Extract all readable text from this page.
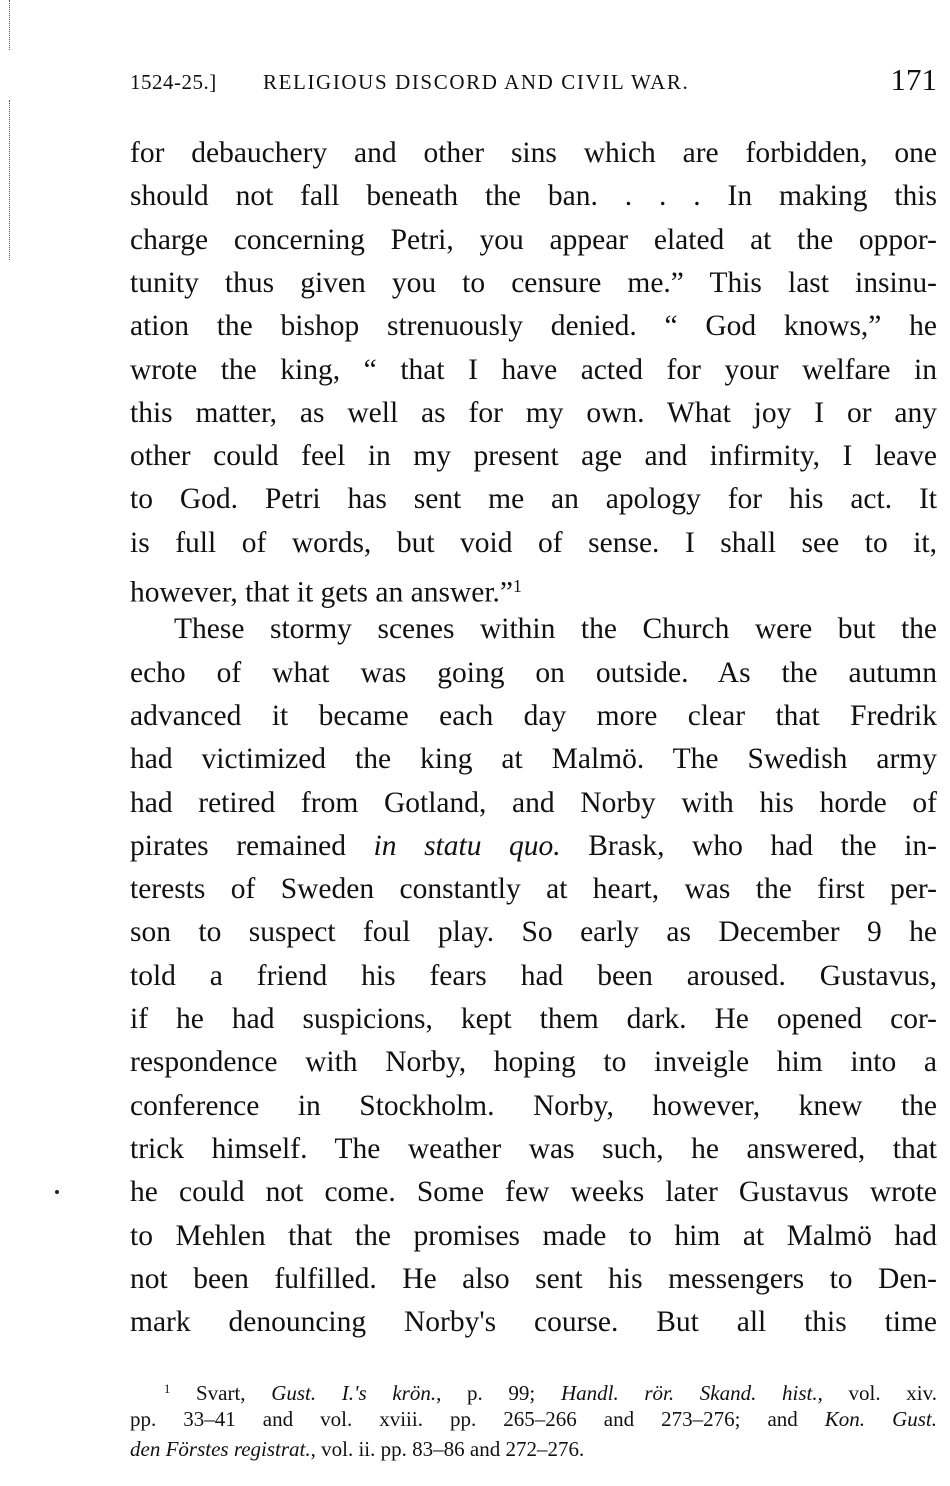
1524-25.] RELIGIOUS DISCORD AND CIVIL WAR.	171
for debauchery and other sins which are forbidden, one
should not fall beneath the ban. . . . In making this
charge concerning Petri, you appear elated at the oppor-
tunity thus given you to censure me.” This last insinu-
ation the bishop strenuously denied. “ God knows,” he
wrote the king, “ that I have acted for your welfare in
this matter, as well as for my own. What joy I or any
other could feel in my present age and infirmity, I leave
to God. Petri has sent me an apology for his act. It
is full of words, but void of sense. I shall see to it,
however, that it gets an answer.”$^1$
These stormy scenes within the Church were but the
echo of what was going on outside. As the autumn
advanced it became each day more clear that Fredrik
had victimized the king at Malmö. The Swedish army
had retired from Gotland, and Norby with his horde of
pirates remained in statu quo. Brask, who had the in-
terests of Sweden constantly at heart, was the first per-
son to suspect foul play. So early as December 9 he
told a friend his fears had been aroused. Gustavus,
if he had suspicions, kept them dark. He opened cor-
respondence with Norby, hoping to inveigle him into a
conference in Stockholm. Norby, however, knew the
trick himself. The weather was such, he answered, that
he could not come. Some few weeks later Gustavus wrote
to Mehlen that the promises made to him at Malmö had
not been fulfilled. He also sent his messengers to Den-
mark denouncing Norby's course. But all this time
$^1$ Svart, Gust. I.'s krön., p. 99; Handl. rör. Skand. hist., vol. xiv.
pp. 33–41 and vol. xviii. pp. 265–266 and 273–276; and Kon. Gust.
den Förstes registrat., vol. ii. pp. 83–86 and 272–276.
